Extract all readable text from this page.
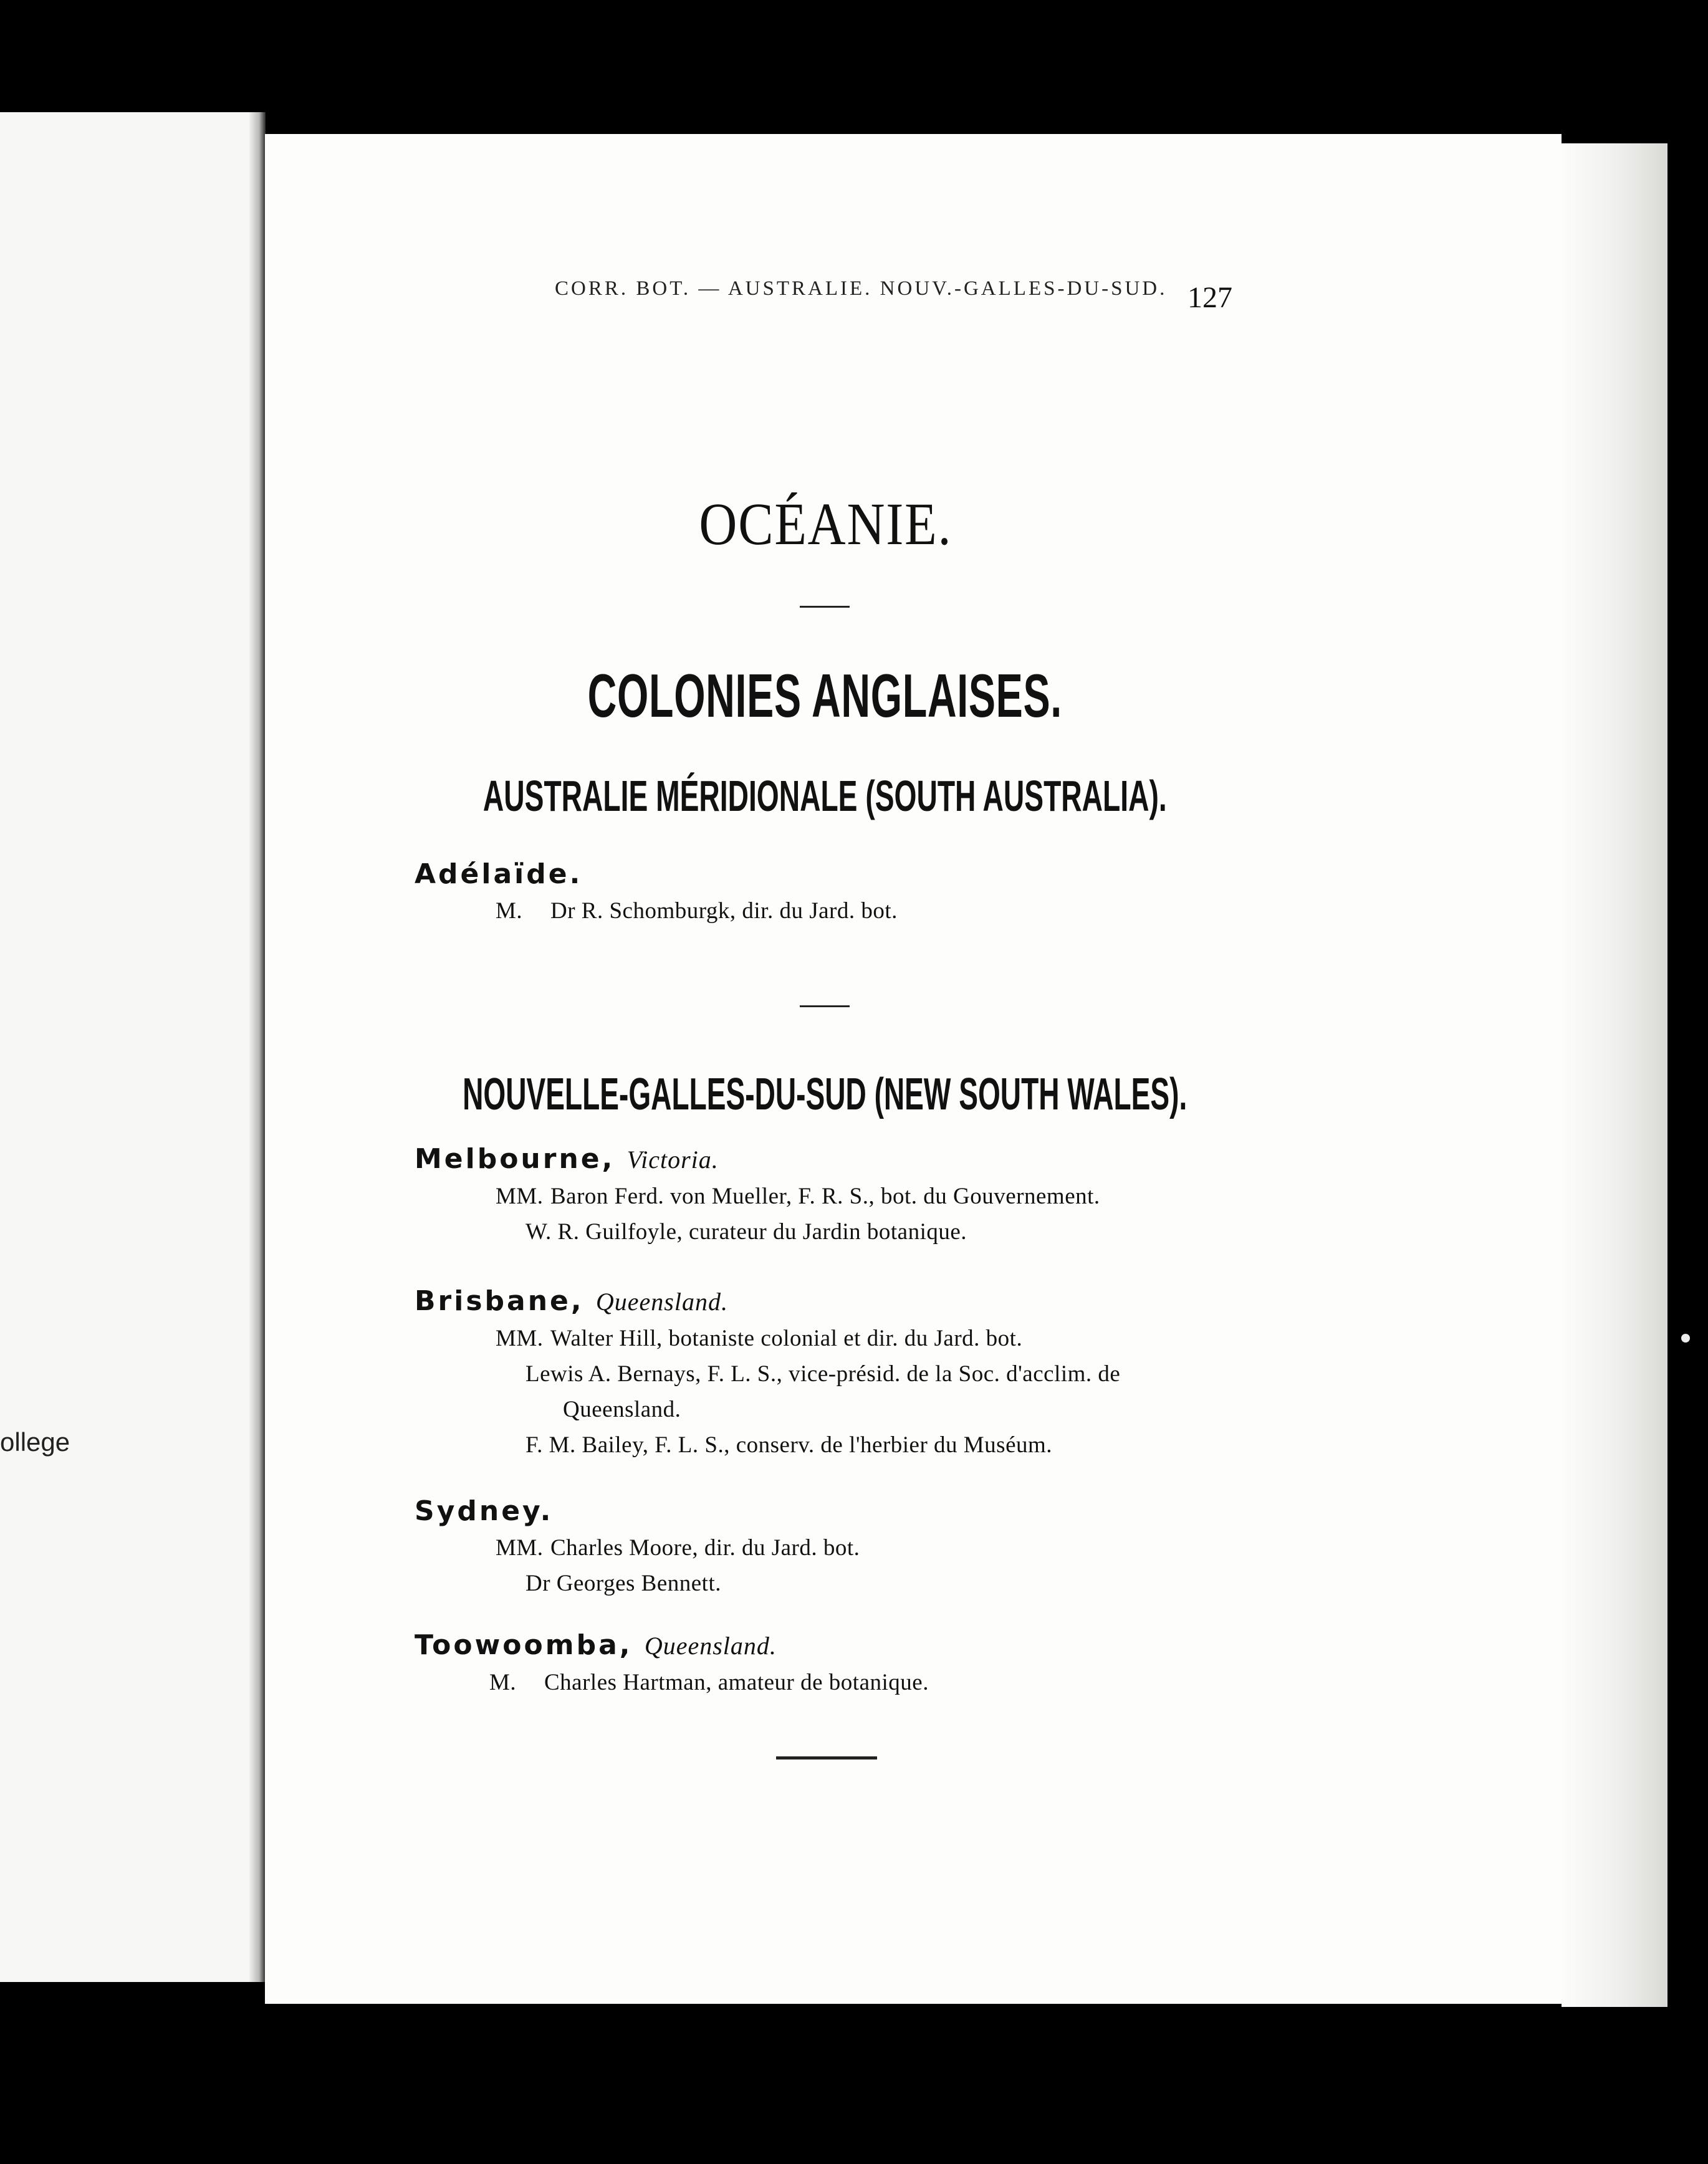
ollege
CORR. BOT. — AUSTRALIE. NOUV.-GALLES-DU-SUD. 127
OCÉANIE.
COLONIES ANGLAISES.
AUSTRALIE MÉRIDIONALE (SOUTH AUSTRALIA).
Adélaïde.
M. Dr R. Schomburgk, dir. du Jard. bot.
NOUVELLE-GALLES-DU-SUD (NEW SOUTH WALES).
Melbourne, Victoria.
MM. Baron Ferd. von Mueller, F. R. S., bot. du Gouvernement.
W. R. Guilfoyle, curateur du Jardin botanique.
Brisbane, Queensland.
MM. Walter Hill, botaniste colonial et dir. du Jard. bot.
Lewis A. Bernays, F. L. S., vice-présid. de la Soc. d'acclim. de
Queensland.
F. M. Bailey, F. L. S., conserv. de l'herbier du Muséum.
Sydney.
MM. Charles Moore, dir. du Jard. bot.
Dr Georges Bennett.
Toowoomba, Queensland.
M. Charles Hartman, amateur de botanique.
